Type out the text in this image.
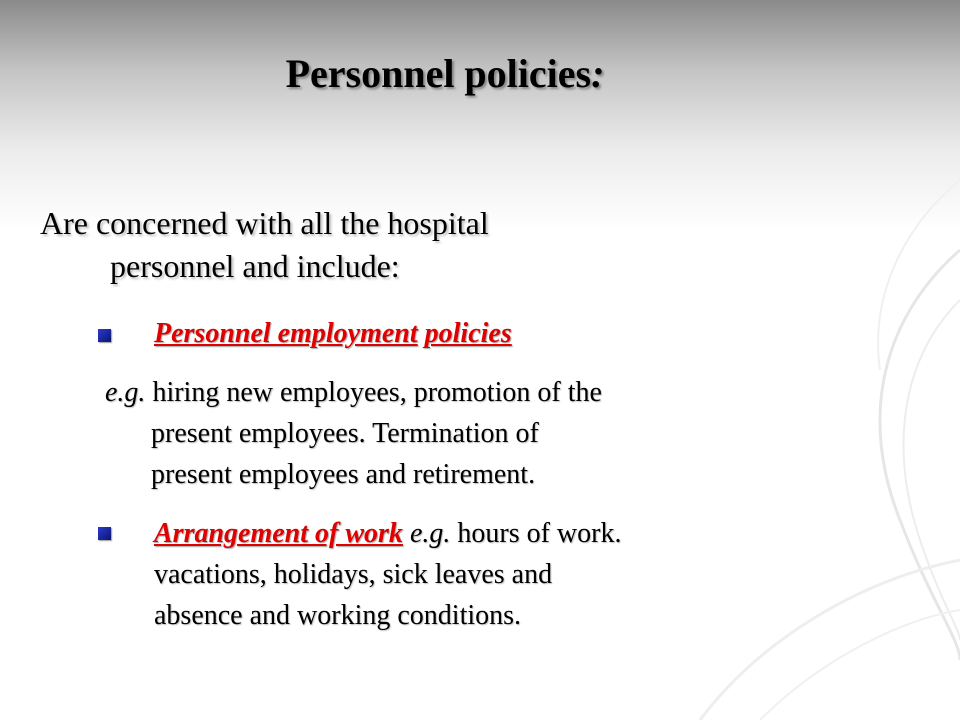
Personnel policies:
Are concerned with all the hospital
personnel and include:
Personnel employment policies
e.g. hiring new employees, promotion of the
present employees. Termination of
present employees and retirement.
Arrangement of work e.g. hours of work.
vacations, holidays, sick leaves and
absence and working conditions.
